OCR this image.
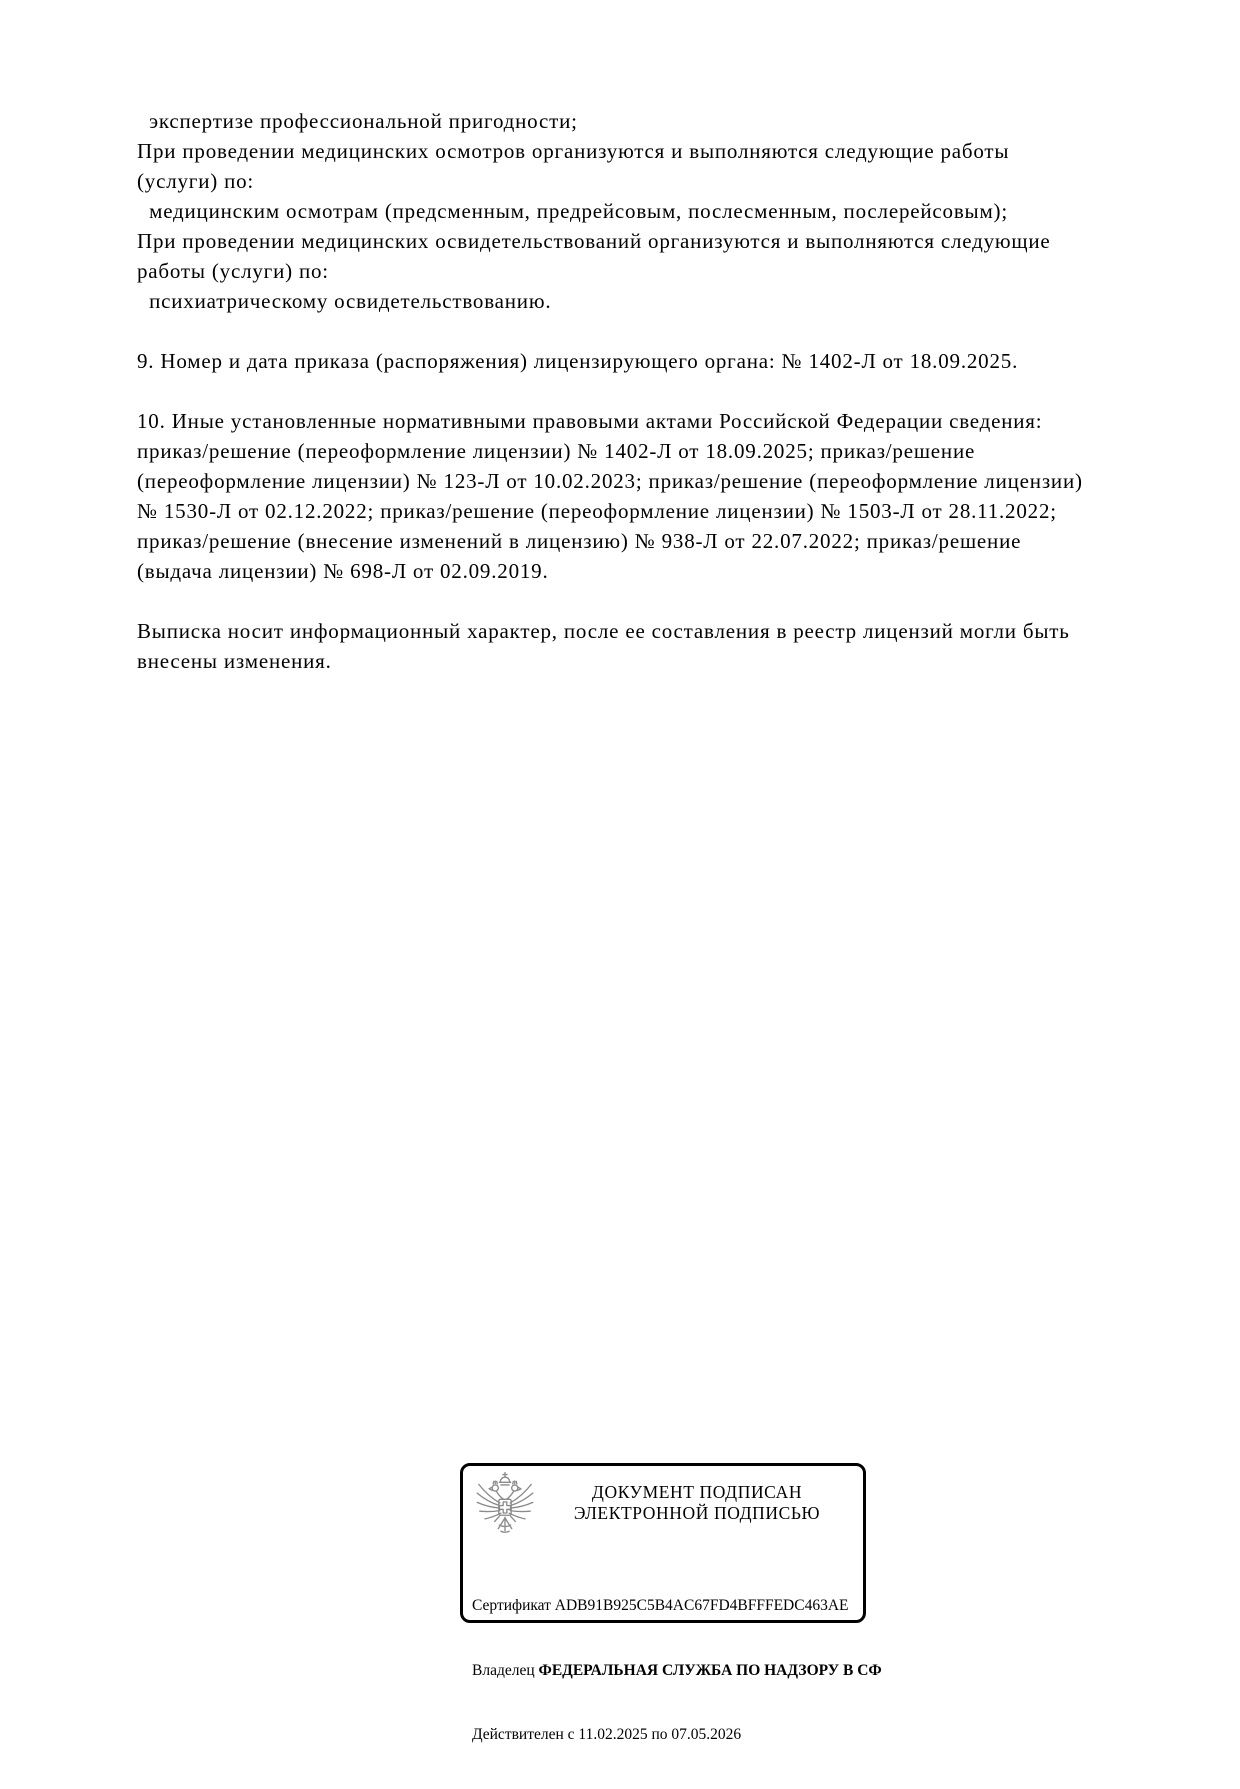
экспертизе профессиональной пригодности;
При проведении медицинских осмотров организуются и выполняются следующие работы
(услуги) по:
медицинским осмотрам (предсменным, предрейсовым, послесменным, послерейсовым);
При проведении медицинских освидетельствований организуются и выполняются следующие
работы (услуги) по:
психиатрическому освидетельствованию.
9. Номер и дата приказа (распоряжения) лицензирующего органа: № 1402-Л от 18.09.2025.
10. Иные установленные нормативными правовыми актами Российской Федерации сведения:
приказ/решение (переоформление лицензии) № 1402-Л от 18.09.2025; приказ/решение
(переоформление лицензии) № 123-Л от 10.02.2023; приказ/решение (переоформление лицензии)
№ 1530-Л от 02.12.2022; приказ/решение (переоформление лицензии) № 1503-Л от 28.11.2022;
приказ/решение (внесение изменений в лицензию) № 938-Л от 22.07.2022; приказ/решение
(выдача лицензии) № 698-Л от 02.09.2019.
Выписка носит информационный характер, после ее составления в реестр лицензий могли быть
внесены изменения.
ДОКУМЕНТ ПОДПИСАН
ЭЛЕКТРОННОЙ ПОДПИСЬЮ

Сертификат ADB91B925C5B4AC67FD4BFFFEDC463AE

Владелец ФЕДЕРАЛЬНАЯ СЛУЖБА ПО НАДЗОРУ В СФ

Действителен с 11.02.2025 по 07.05.2026
